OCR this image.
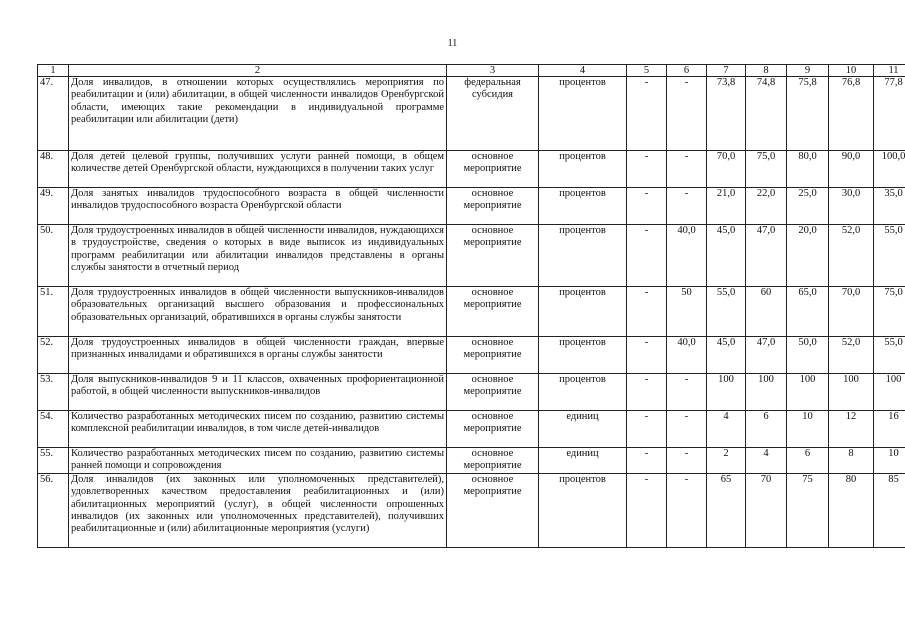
11
1	2	3	4	5	6	7	8	9	10	11
47.	Доля инвалидов, в отношении которых осуществлялись мероприятия по реабилитации и (или) абилитации, в общей численности инвалидов Оренбургской области, имеющих такие рекомендации в индивидуальной программе реабилитации или абилитации (дети)	федеральная субсидия	процентов	-	-	73,8	74,8	75,8	76,8	77,8
48.	Доля детей целевой группы, получивших услуги ранней помощи, в общем количестве детей Оренбургской области, нуждающихся в получении таких услуг	основное мероприятие	процентов	-	-	70,0	75,0	80,0	90,0	100,0
49.	Доля занятых инвалидов трудоспособного возраста в общей численности инвалидов трудоспособного возраста Оренбургской области	основное мероприятие	процентов	-	-	21,0	22,0	25,0	30,0	35,0
50.	Доля трудоустроенных инвалидов в общей численности инвалидов, нуждающихся в трудоустройстве, сведения о которых в виде выписок из индивидуальных программ реабилитации или абилитации инвалидов представлены в органы службы занятости в отчетный период	основное мероприятие	процентов	-	40,0	45,0	47,0	20,0	52,0	55,0
51.	Доля трудоустроенных инвалидов в общей численности выпускников-инвалидов образовательных организаций высшего образования и профессиональных образовательных организаций, обратившихся в органы службы занятости	основное мероприятие	процентов	-	50	55,0	60	65,0	70,0	75,0
52.	Доля трудоустроенных инвалидов в общей численности граждан, впервые признанных инвалидами и обратившихся в органы службы занятости	основное мероприятие	процентов	-	40,0	45,0	47,0	50,0	52,0	55,0
53.	Доля выпускников-инвалидов 9 и 11 классов, охваченных профориентационной работой, в общей численности выпускников-инвалидов	основное мероприятие	процентов	-	-	100	100	100	100	100
54.	Количество разработанных методических писем по созданию, развитию системы комплексной реабилитации инвалидов, в том числе детей-инвалидов	основное мероприятие	единиц	-	-	4	6	10	12	16
55.	Количество разработанных методических писем по созданию, развитию системы ранней помощи и сопровождения	основное мероприятие	единиц	-	-	2	4	6	8	10
56.	Доля инвалидов (их законных или уполномоченных представителей), удовлетворенных качеством предоставления реабилитационных и (или) абилитационных мероприятий (услуг), в общей численности опрошенных инвалидов (их законных или уполномоченных представителей), получивших реабилитационные и (или) абилитационные мероприятия (услуги)	основное мероприятие	процентов	-	-	65	70	75	80	85
